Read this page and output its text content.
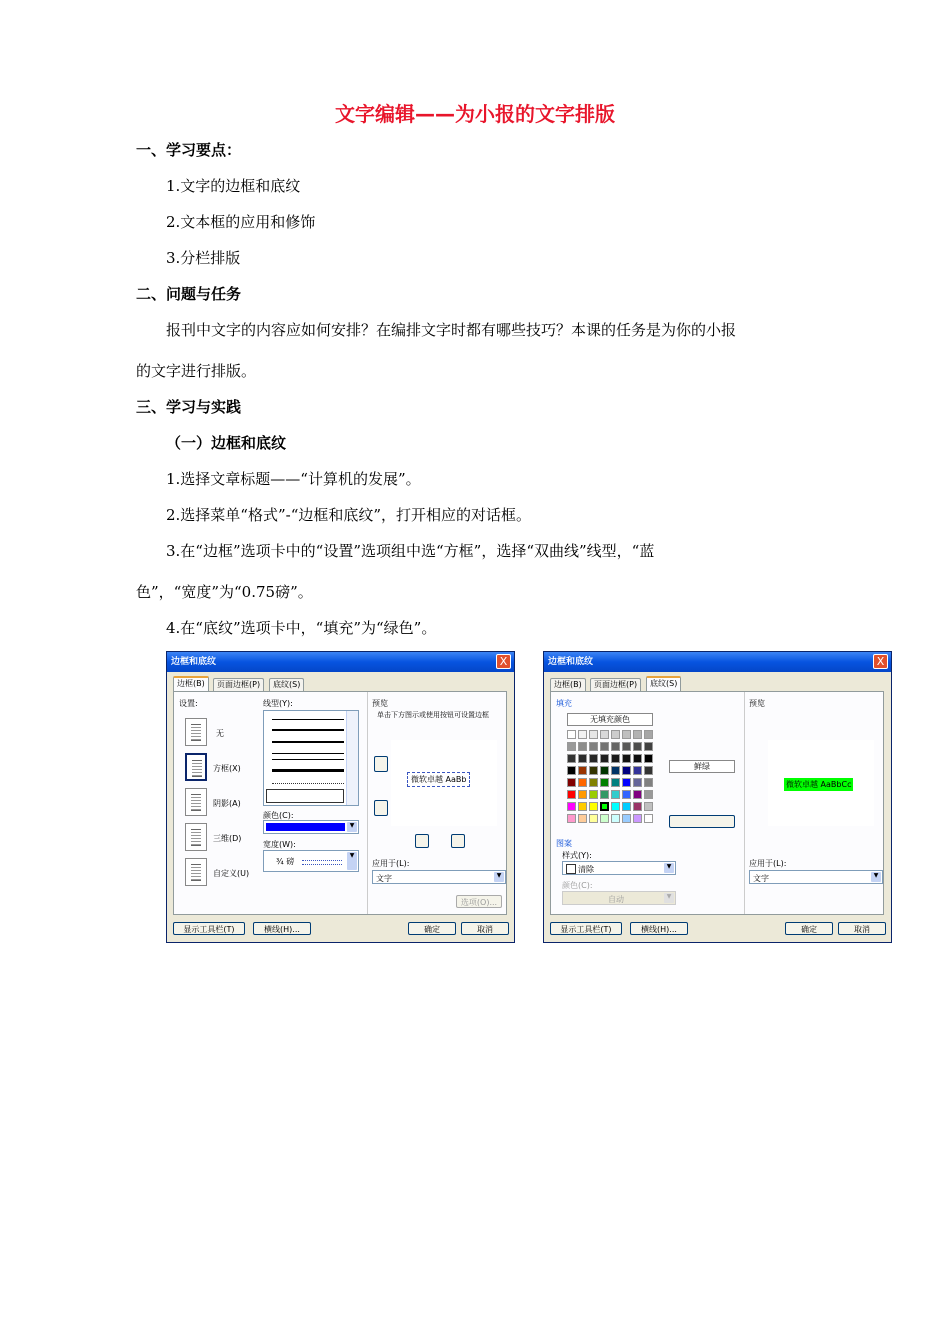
文字编辑——为小报的文字排版
一、学习要点：
1.文字的边框和底纹
2.文本框的应用和修饰
3.分栏排版
二、问题与任务
报刊中文字的内容应如何安排？在编排文字时都有哪些技巧？本课的任务是为你的小报
的文字进行排版。
三、学习与实践
（一）边框和底纹
1.选择文章标题——“计算机的发展”。
2.选择菜单“格式”-“边框和底纹”，打开相应的对话框。
3.在“边框”选项卡中的“设置”选项组中选“方框”，选择“双曲线”线型，“蓝
色”，“宽度”为“0.75磅”。
4.在“底纹”选项卡中，“填充”为“绿色”。
边框和底纹	X
边框(B)	页面边框(P)	底纹(S)
设置:
无
方框(X)
阴影(A)
三维(D)
自定义(U)
线型(Y):
颜色(C):
▼
宽度(W):
¾ 磅
▼
预览
单击下方图示或使用按钮可设置边框
微软卓越 AaBb
应用于(L):
文字	▼
选项(O)...
显示工具栏(T)	横线(H)...	确定	取消
边框和底纹	X
边框(B)	页面边框(P)	底纹(S)
填充
无填充颜色
鲜绿
图案
样式(Y):
清除	▼
颜色(C):
自动	▼
预览
微软卓越 AaBbCc
应用于(L):
文字	▼
显示工具栏(T)	横线(H)...	确定	取消
